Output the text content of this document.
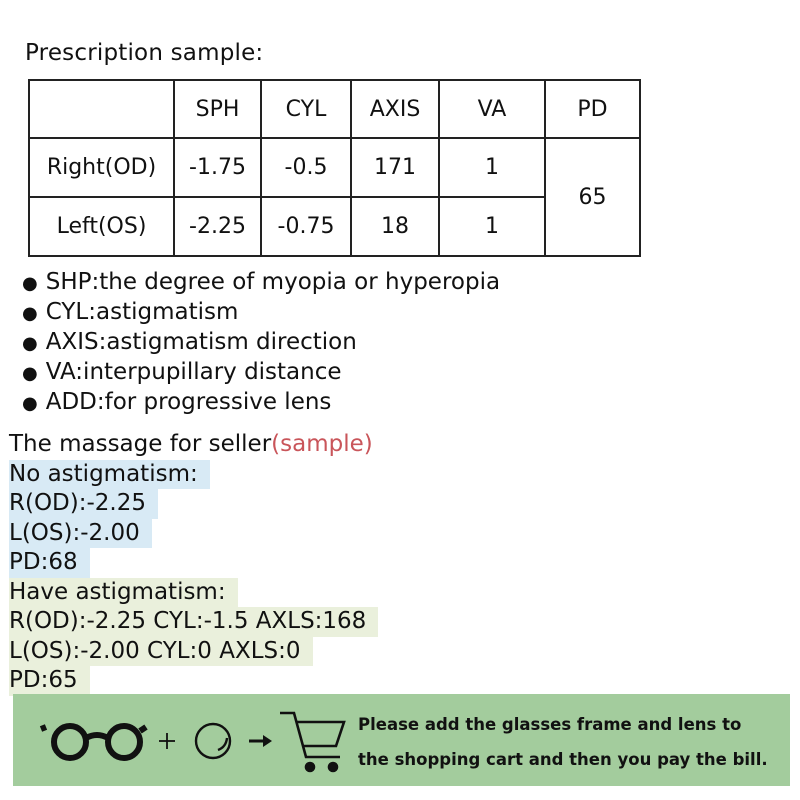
Prescription sample:
	SPH	CYL	AXIS	VA	PD
Right(OD)	-1.75	-0.5	171	1	65
Left(OS)	-2.25	-0.75	18	1	
● SHP:the degree of myopia or hyperopia
● CYL:astigmatism
● AXIS:astigmatism direction
● VA:interpupillary distance
● ADD:for progressive lens
The massage for seller(sample)
No astigmatism:
R(OD):-2.25
L(OS):-2.00
PD:68
Have astigmatism:
R(OD):-2.25 CYL:-1.5 AXLS:168
L(OS):-2.00 CYL:0 AXLS:0
PD:65
Please add the glasses frame and lens to
the shopping cart and then you pay the bill.
